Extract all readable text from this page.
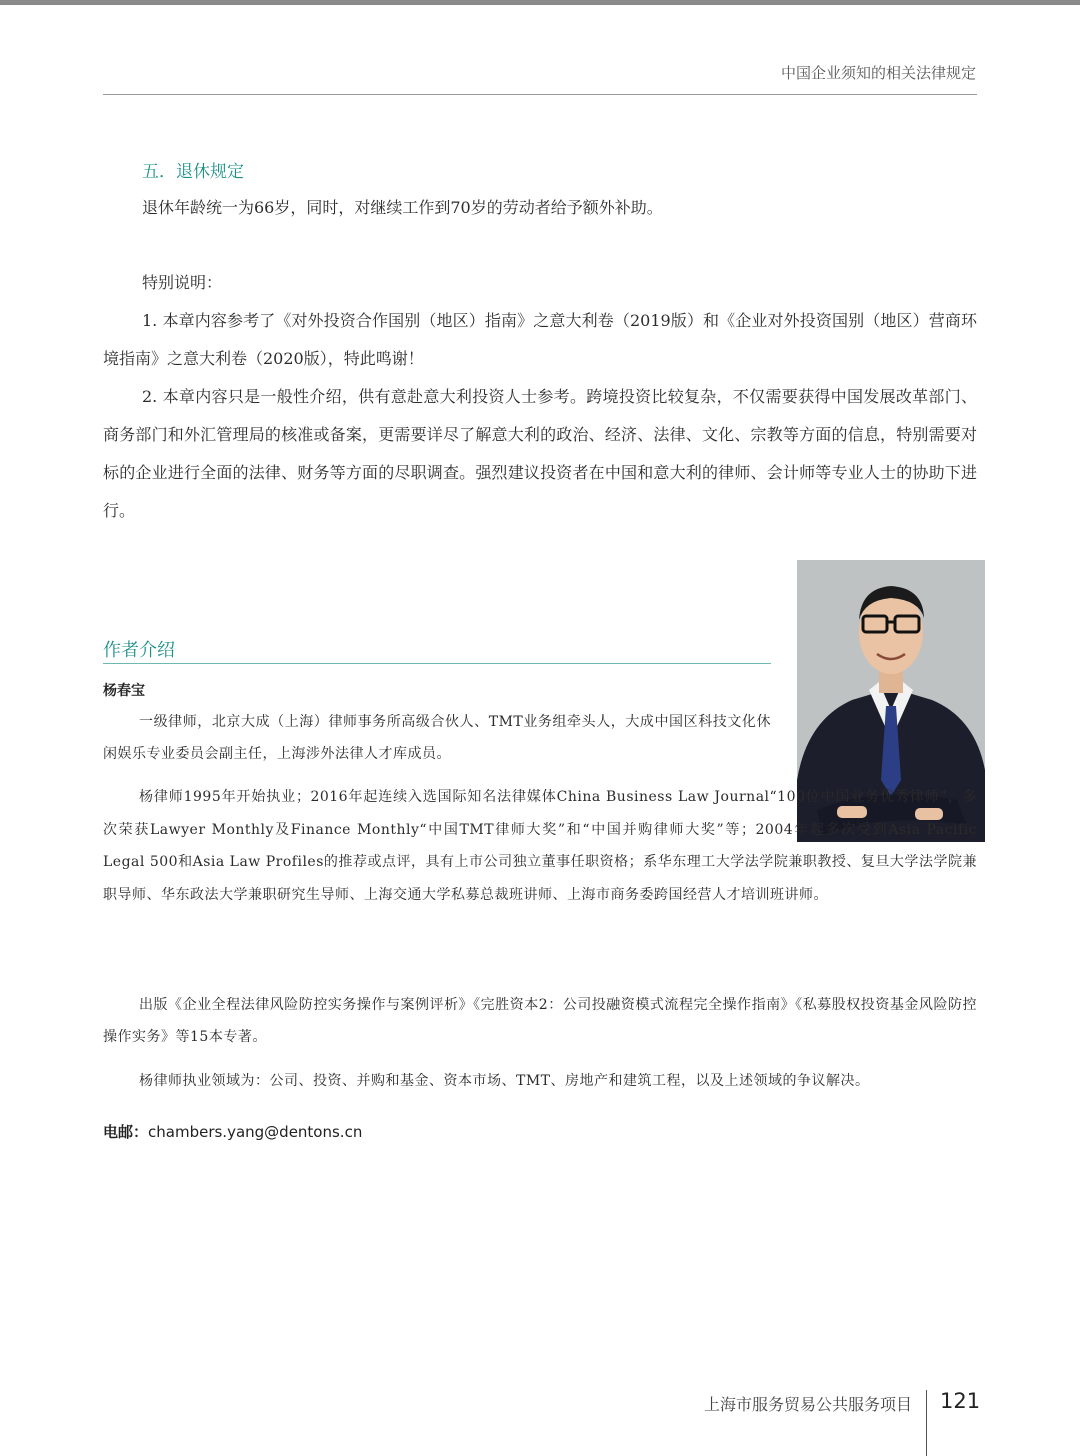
中国企业须知的相关法律规定
五．退休规定
退休年龄统一为66岁，同时，对继续工作到70岁的劳动者给予额外补助。
特别说明：
1. 本章内容参考了《对外投资合作国别（地区）指南》之意大利卷（2019版）和《企业对外投资国别（地区）营商环境指南》之意大利卷（2020版），特此鸣谢！
2. 本章内容只是一般性介绍，供有意赴意大利投资人士参考。跨境投资比较复杂，不仅需要获得中国发展改革部门、商务部门和外汇管理局的核准或备案，更需要详尽了解意大利的政治、经济、法律、文化、宗教等方面的信息，特别需要对标的企业进行全面的法律、财务等方面的尽职调查。强烈建议投资者在中国和意大利的律师、会计师等专业人士的协助下进行。
作者介绍
杨春宝
一级律师，北京大成（上海）律师事务所高级合伙人、TMT业务组牵头人，大成中国区科技文化休闲娱乐专业委员会副主任，上海涉外法律人才库成员。
杨律师1995年开始执业；2016年起连续入选国际知名法律媒体China Business Law Journal“100位中国业务优秀律师”，多次荣获Lawyer Monthly及Finance Monthly“中国TMT律师大奖”和“中国并购律师大奖”等；2004年起多次受到Asia Pacific Legal 500和Asia Law Profiles的推荐或点评，具有上市公司独立董事任职资格；系华东理工大学法学院兼职教授、复旦大学法学院兼职导师、华东政法大学兼职研究生导师、上海交通大学私募总裁班讲师、上海市商务委跨国经营人才培训班讲师。
出版《企业全程法律风险防控实务操作与案例评析》《完胜资本2：公司投融资模式流程完全操作指南》《私募股权投资基金风险防控操作实务》等15本专著。
杨律师执业领域为：公司、投资、并购和基金、资本市场、TMT、房地产和建筑工程，以及上述领域的争议解决。
电邮：chambers.yang@dentons.cn
上海市服务贸易公共服务项目 121
